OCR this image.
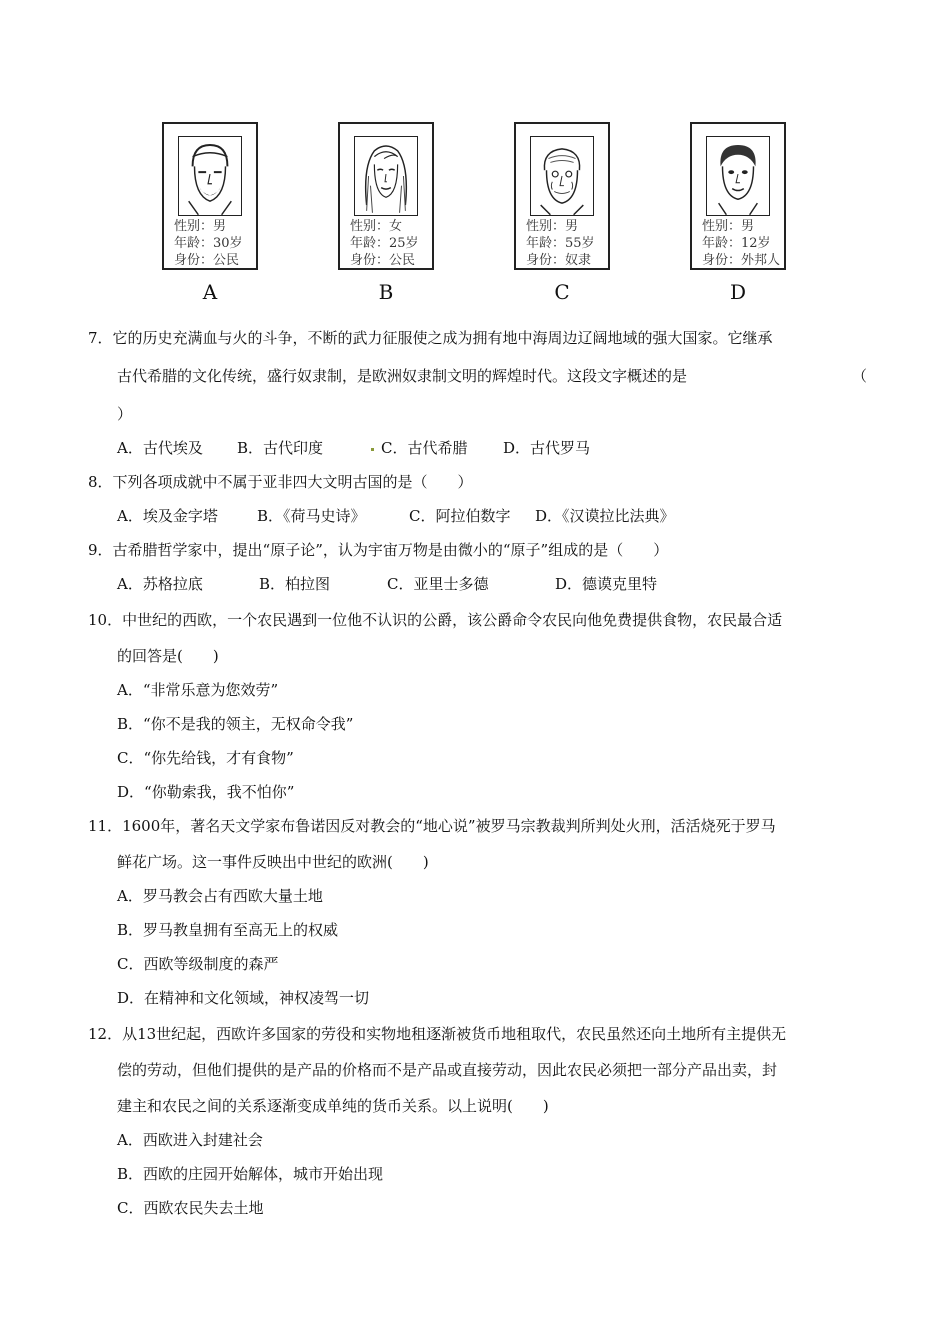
性别：男
年龄：30岁
身份：公民
A
性别：女
年龄：25岁
身份：公民
B
性别：男
年龄：55岁
身份：奴隶
C
性别：男
年龄：12岁
身份：外邦人
D
7．它的历史充满血与火的斗争，不断的武力征服使之成为拥有地中海周边辽阔地域的强大国家。它继承
古代希腊的文化传统，盛行奴隶制，是欧洲奴隶制文明的辉煌时代。这段文字概述的是	（
）
A．古代埃及 B．古代印度	C．古代希腊 D．古代罗马
8．下列各项成就中不属于亚非四大文明古国的是（　　）
A．埃及金字塔	B．《荷马史诗》	C．阿拉伯数字 D．《汉谟拉比法典》
9．古希腊哲学家中，提出“原子论”，认为宇宙万物是由微小的“原子”组成的是（　　）
A．苏格拉底	B．柏拉图	C．亚里士多德	D．德谟克里特
10．中世纪的西欧，一个农民遇到一位他不认识的公爵，该公爵命令农民向他免费提供食物，农民最合适
的回答是(　　)
A．“非常乐意为您效劳”
B．“你不是我的领主，无权命令我”
C．“你先给钱，才有食物”
D．“你勒索我，我不怕你”
11．1600年，著名天文学家布鲁诺因反对教会的“地心说”被罗马宗教裁判所判处火刑，活活烧死于罗马
鲜花广场。这一事件反映出中世纪的欧洲(　　)
A．罗马教会占有西欧大量土地
B．罗马教皇拥有至高无上的权威
C．西欧等级制度的森严
D．在精神和文化领域，神权凌驾一切
12．从13世纪起，西欧许多国家的劳役和实物地租逐渐被货币地租取代，农民虽然还向土地所有主提供无
偿的劳动，但他们提供的是产品的价格而不是产品或直接劳动，因此农民必须把一部分产品出卖，封
建主和农民之间的关系逐渐变成单纯的货币关系。以上说明(　　)
A．西欧进入封建社会
B．西欧的庄园开始解体，城市开始出现
C．西欧农民失去土地
